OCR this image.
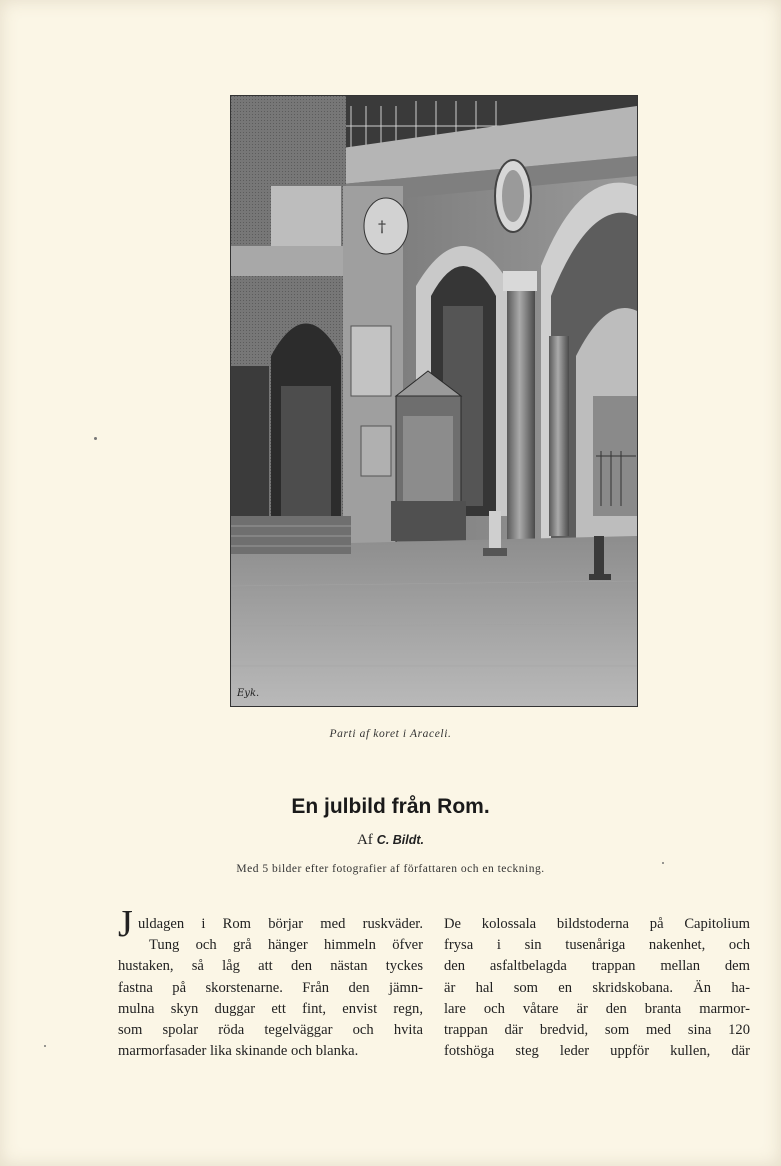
†
Eyk.
Parti af koret i Araceli.
En julbild från Rom.
Af C. Bildt.
Med 5 bilder efter fotografier af författaren och en teckning.
J uldagen i Rom börjar med ruskväder.
Tung och grå hänger himmeln öfver
hustaken, så låg att den nästan tyckes
fastna på skorstenarne. Från den jämn-
mulna skyn duggar ett fint, envist regn,
som spolar röda tegelväggar och hvita
marmorfasader lika skinande och blanka.
De kolossala bildstoderna på Capitolium
frysa i sin tusenåriga nakenhet, och
den asfaltbelagda trappan mellan dem
är hal som en skridskobana. Än ha-
lare och våtare är den branta marmor-
trappan där bredvid, som med sina 120
fotshöga steg leder uppför kullen, där
